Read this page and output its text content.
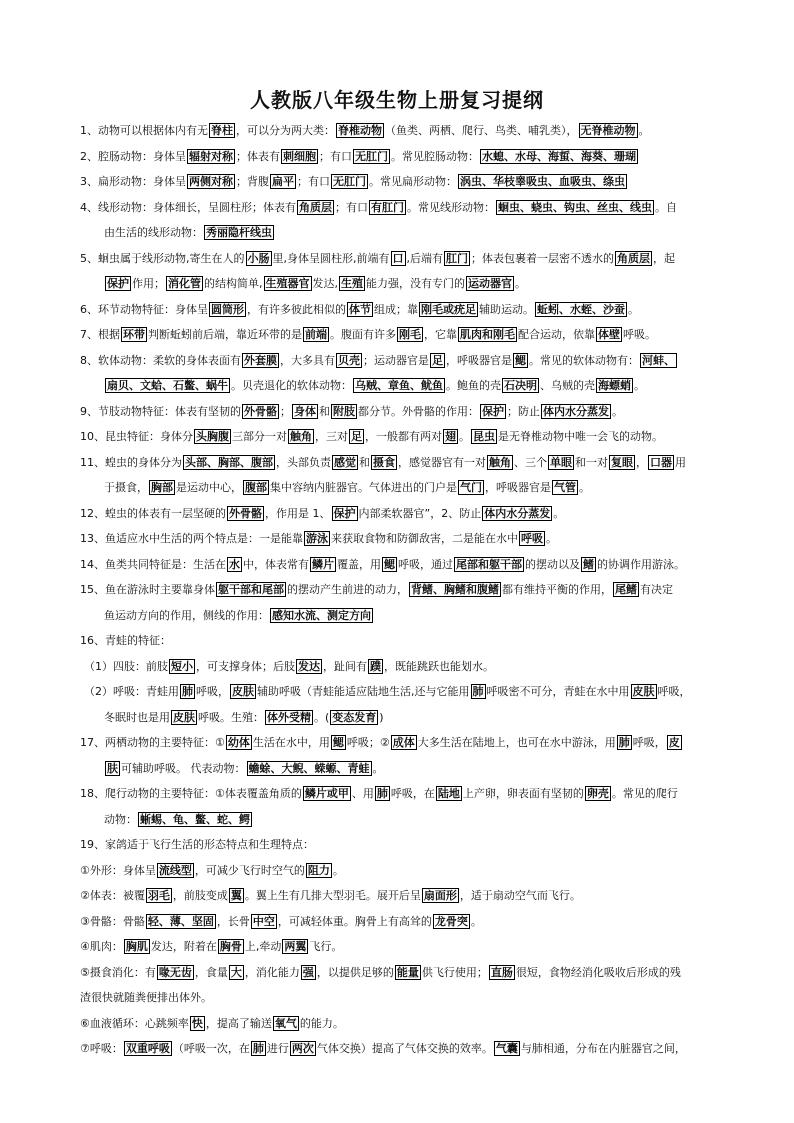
人教版八年级生物上册复习提纲
1、动物可以根据体内有无 脊柱 ，可以分为两大类： 脊椎动物 （鱼类、两栖、爬行、鸟类、哺乳类）， 无脊椎动物 。
2、腔肠动物：身体呈 辐射对称 ；体表有 刺细胞 ；有口 无肛门 。常见腔肠动物： 水螅、水母、海蜇、海葵、珊瑚
3、扁形动物：身体呈 两侧对称 ；背腹 扁平 ；有口 无肛门 。常见扁形动物： 涡虫、华枝睾吸虫、血吸虫、绦虫
4、线形动物：身体细长，呈圆柱形；体表有 角质层 ；有口 有肛门 。常见线形动物： 蛔虫、蛲虫、钩虫、丝虫、线虫 。自
由生活的线形动物： 秀丽隐杆线虫
5、蛔虫属于线形动物,寄生在人的 小肠 里,身体呈圆柱形,前端有 口 ,后端有 肛门 ；体表包裹着一层密不透水的 角质层 ，起
保护 作用； 消化管 的结构简单, 生殖器官 发达, 生殖 能力强，没有专门的 运动器官 。
6、环节动物特征：身体呈 圆筒形 ，有许多彼此相似的 体节 组成；靠 刚毛或疣足 辅助运动。 蚯蚓、水蛭、沙蚕 。
7、根据 环带 判断蚯蚓前后端，靠近环带的是 前端 。腹面有许多 刚毛 ，它靠 肌肉和刚毛 配合运动，依靠 体壁 呼吸。
8、软体动物：柔软的身体表面有 外套膜 ，大多具有 贝壳 ；运动器官是 足 ，呼吸器官是 鳃 。常见的软体动物有： 河蚌、
扇贝、文蛤、石鳖、蜗牛 。贝壳退化的软体动物： 乌贼、章鱼、鱿鱼 。鲍鱼的壳 石决明 、乌贼的壳 海螵蛸 。
9、节肢动物特征：体表有坚韧的 外骨骼 ； 身体 和 附肢 都分节。外骨骼的作用： 保护 ；防止 体内水分蒸发 。
10、昆虫特征：身体分 头胸腹 三部分一对 触角 ，三对 足 ，一般都有两对 翅 。 昆虫 是无脊椎动物中唯一会飞的动物。
11、蝗虫的身体分为 头部、胸部、腹部 ，头部负责 感觉 和 摄食 ，感觉器官有一对 触角 、三个 单眼 和一对 复眼 ， 口器 用
于摄食， 胸部 是运动中心， 腹部 集中容纳内脏器官。气体进出的门户是 气门 ，呼吸器官是 气管 。
12、蝗虫的体表有一层坚硬的 外骨骼 ，作用是 1、 保护 内部柔软器官”，2、防止 体内水分蒸发 。
13、鱼适应水中生活的两个特点是：一是能靠 游泳 来获取食物和防御敌害，二是能在水中 呼吸 。
14、鱼类共同特征是：生活在 水 中，体表常有 鳞片 覆盖，用 鳃 呼吸，通过 尾部和躯干部 的摆动以及 鳍 的协调作用游泳。
15、鱼在游泳时主要靠身体 躯干部和尾部 的摆动产生前进的动力， 背鳍、胸鳍和腹鳍 都有维持平衡的作用， 尾鳍 有决定
鱼运动方向的作用，侧线的作用： 感知水流、测定方向
16、青蛙的特征：
（1）四肢：前肢 短小 ，可支撑身体；后肢 发达 ，趾间有 蹼 ，既能跳跃也能划水。
（2）呼吸：青蛙用 肺 呼吸， 皮肤 辅助呼吸（青蛙能适应陆地生活,还与它能用 肺 呼吸密不可分，青蛙在水中用 皮肤 呼吸，
冬眠时也是用 皮肤 呼吸。生殖： 体外受精 。( 变态发育 )
17、两栖动物的主要特征：① 幼体 生活在水中，用 鳃 呼吸；② 成体 大多生活在陆地上，也可在水中游泳，用 肺 呼吸， 皮
肤 可辅助呼吸。 代表动物： 蟾蜍、大鲵、蝾螈、青蛙 。
18、爬行动物的主要特征：①体表覆盖角质的 鳞片或甲 、用 肺 呼吸，在 陆地 上产卵，卵表面有坚韧的 卵壳 。常见的爬行
动物： 蜥蜴、龟、鳖、蛇、鳄
19、家鸽适于飞行生活的形态特点和生理特点：
①外形：身体呈 流线型 ，可减少飞行时空气的 阻力 。
②体表：被覆 羽毛 ，前肢变成 翼 。翼上生有几排大型羽毛。展开后呈 扇面形 ，适于扇动空气而飞行。
③骨骼：骨骼 轻、薄、坚固 ，长骨 中空 ，可减轻体重。胸骨上有高耸的 龙骨突 。
④肌肉： 胸肌 发达，附着在 胸骨 上,牵动 两翼 飞行。
⑤摄食消化：有 喙无齿 ，食量 大 ，消化能力 强 ，以提供足够的 能量 供飞行使用； 直肠 很短，食物经消化吸收后形成的残
渣很快就随粪便排出体外。
⑥血液循环：心跳频率 快 ，提高了输送 氧气 的能力。
⑦呼吸： 双重呼吸 （呼吸一次，在 肺 进行 两次 气体交换）提高了气体交换的效率。 气囊 与肺相通，分布在内脏器官之间，
